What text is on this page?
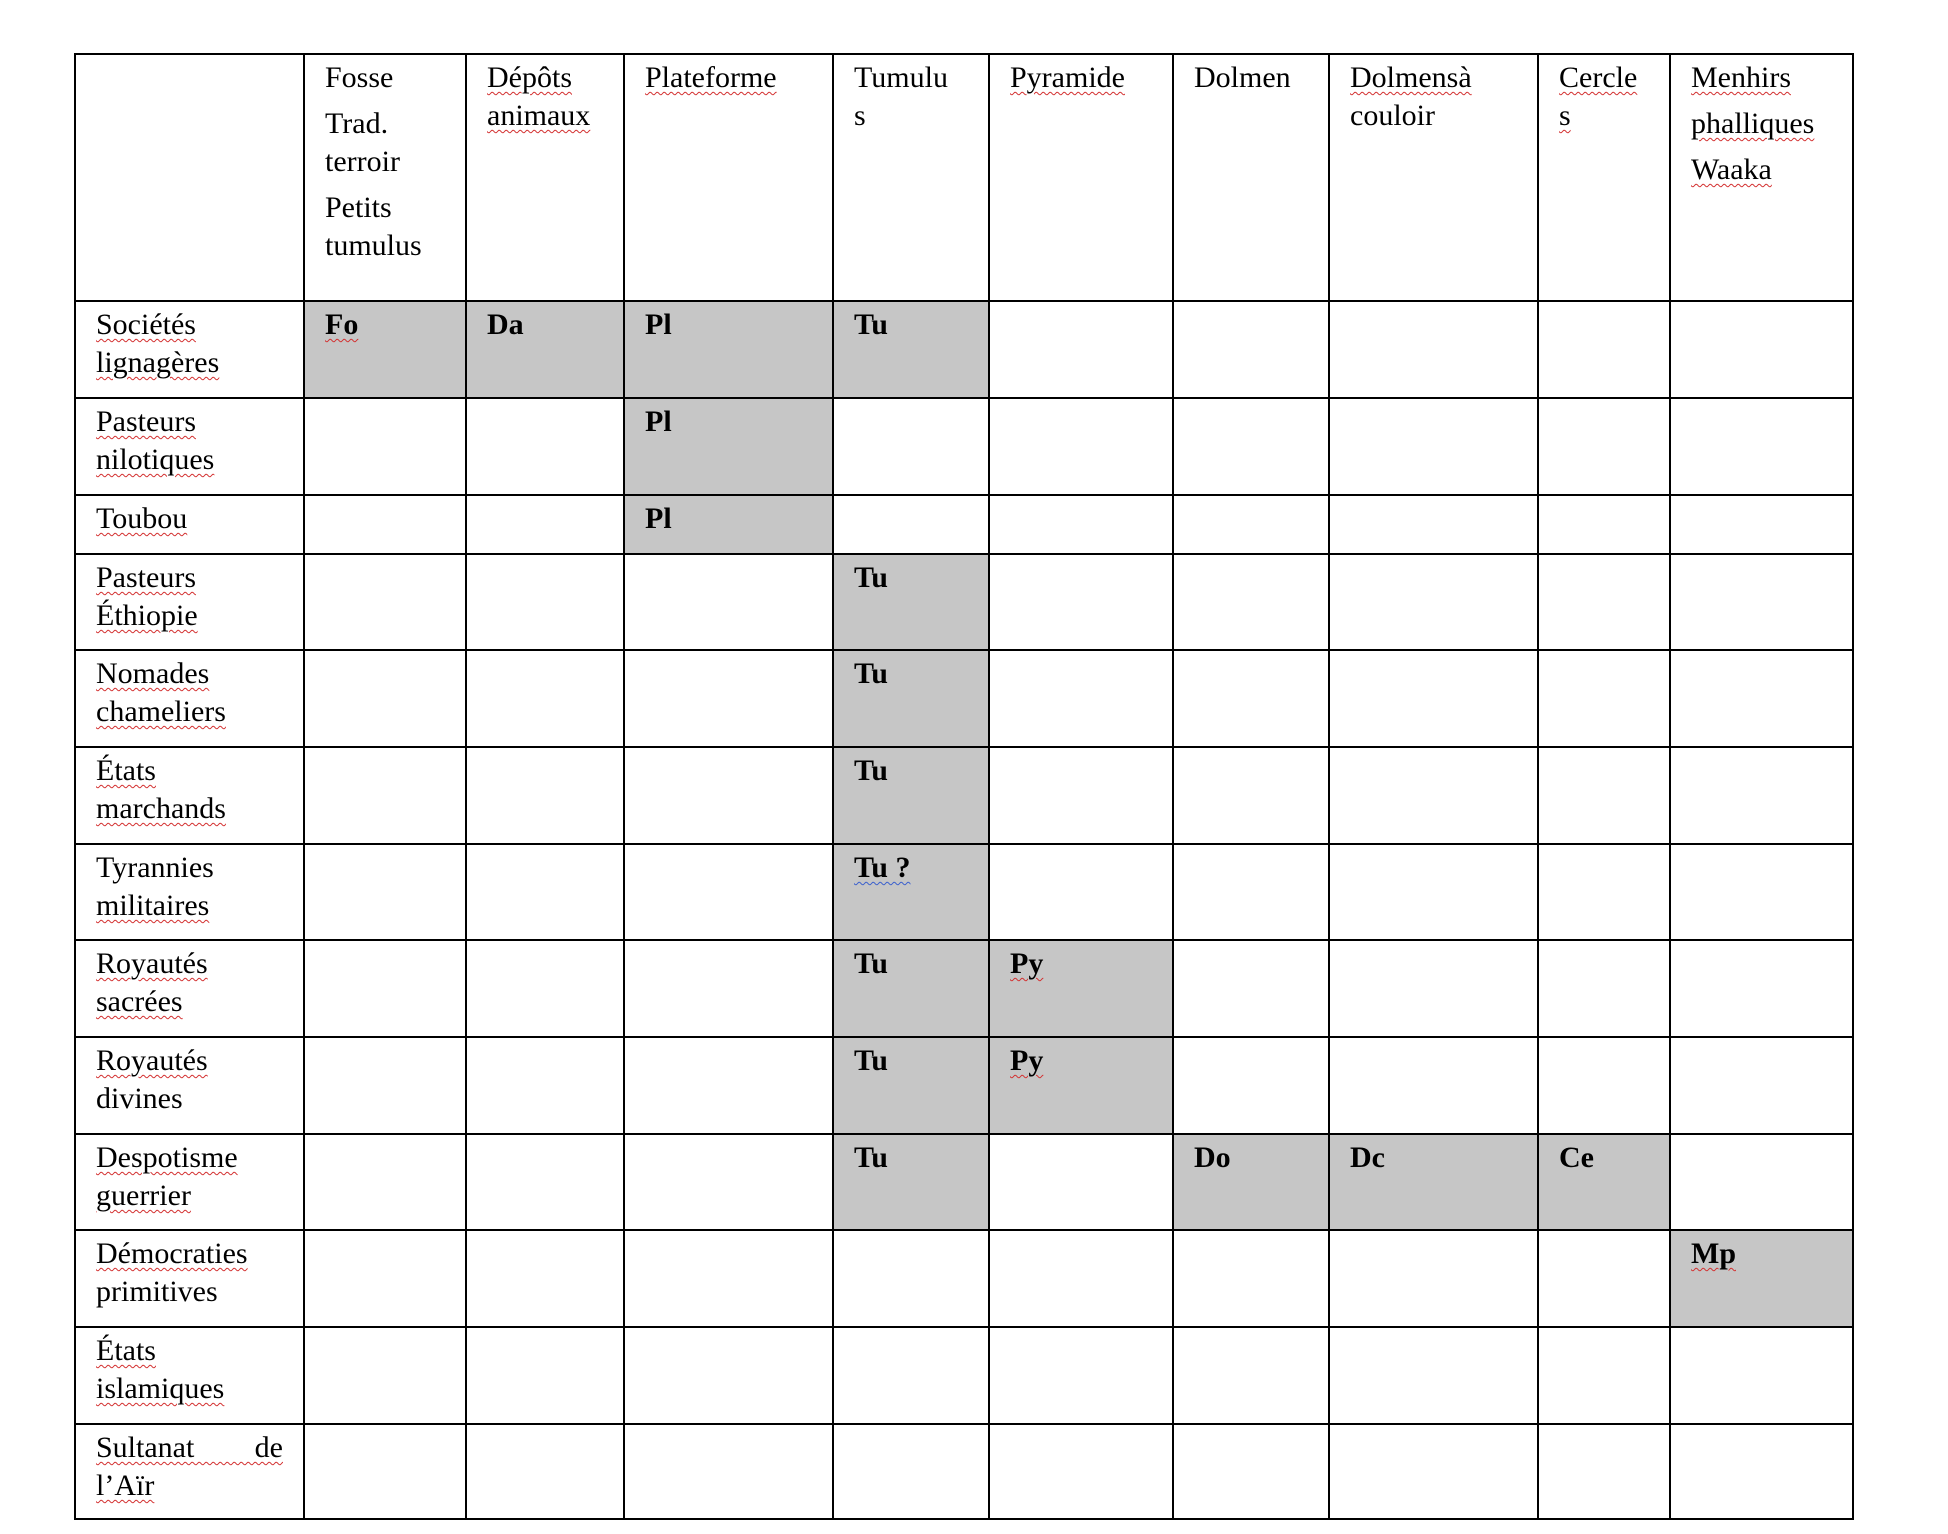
	Fosse
Trad.
terroir
Petits
tumulus	Dépôts
animaux	Plateforme	Tumulu
s	Pyramide	Dolmen	Dolmensà
couloir	Cercle
s	Menhirs
phalliques
Waaka

Sociétés
lignagères	Fo	Da	Pl	Tu					

Pasteurs
nilotiques			Pl						

Toubou			Pl						

Pasteurs
Éthiopie				Tu					

Nomades
chameliers				Tu					

États
marchands				Tu					

Tyrannies
militaires				Tu ?					

Royautés
sacrées				Tu	Py				

Royautés
divines				Tu	Py				

Despotisme
guerrier				Tu		Do	Dc	Ce	

Démocraties
primitives									Mp

États
islamiques									

Sultanat de
l’Aïr									
